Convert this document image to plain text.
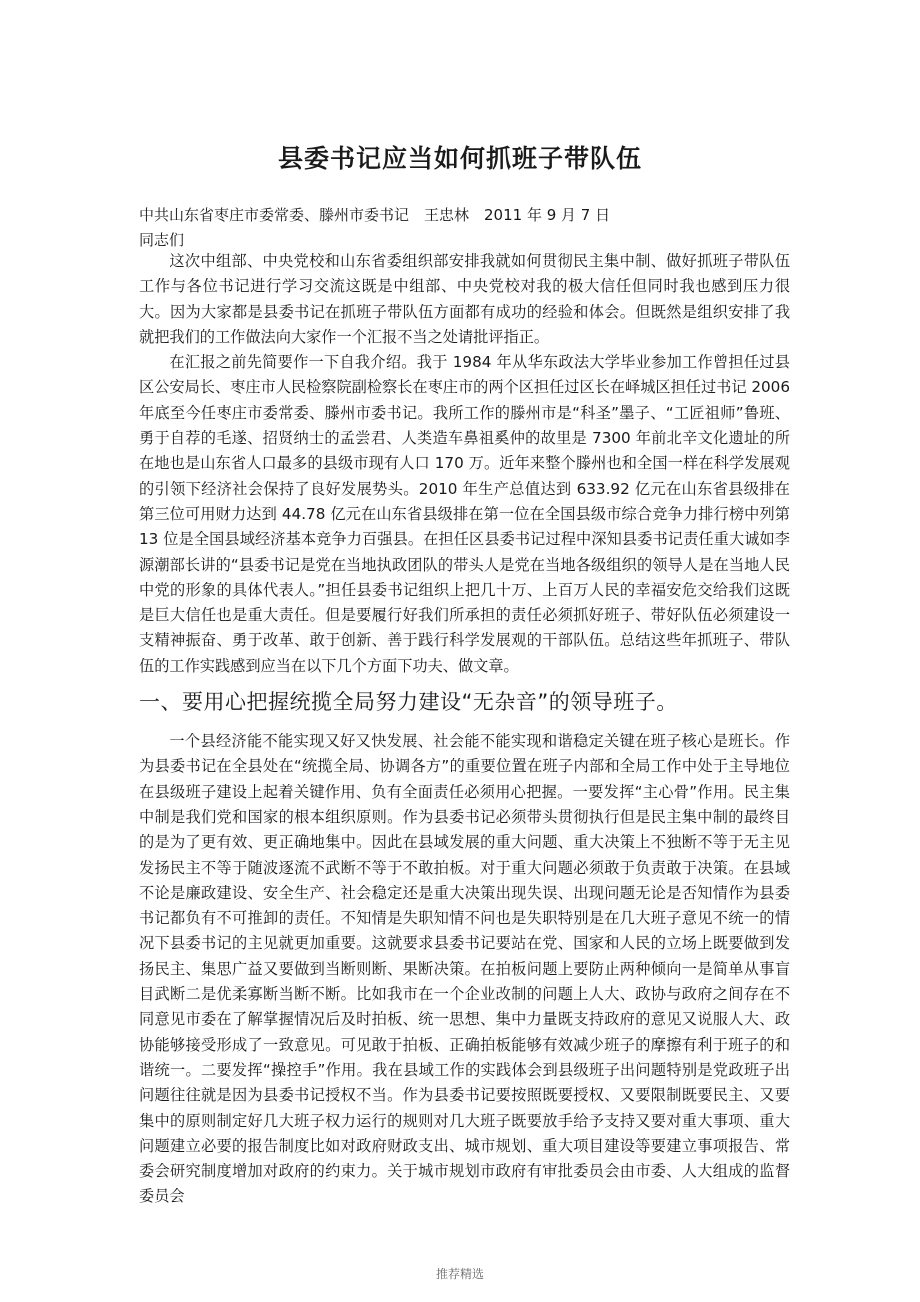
县委书记应当如何抓班子带队伍
中共山东省枣庄市委常委、滕州市委书记　王忠林　2011 年 9 月 7 日
同志们

这次中组部、中央党校和山东省委组织部安排我就如何贯彻民主集中制、做好抓班子带队伍工作与各位书记进行学习交流这既是中组部、中央党校对我的极大信任但同时我也感到压力很大。因为大家都是县委书记在抓班子带队伍方面都有成功的经验和体会。但既然是组织安排了我就把我们的工作做法向大家作一个汇报不当之处请批评指正。

在汇报之前先简要作一下自我介绍。我于 1984 年从华东政法大学毕业参加工作曾担任过县区公安局长、枣庄市人民检察院副检察长在枣庄市的两个区担任过区长在峄城区担任过书记 2006 年底至今任枣庄市委常委、滕州市委书记。我所工作的滕州市是“科圣”墨子、“工匠祖师”鲁班、勇于自荐的毛遂、招贤纳士的孟尝君、人类造车鼻祖奚仲的故里是 7300 年前北辛文化遗址的所在地也是山东省人口最多的县级市现有人口 170 万。近年来整个滕州也和全国一样在科学发展观的引领下经济社会保持了良好发展势头。2010 年生产总值达到 633.92 亿元在山东省县级排在第三位可用财力达到 44.78 亿元在山东省县级排在第一位在全国县级市综合竞争力排行榜中列第 13 位是全国县域经济基本竞争力百强县。在担任区县委书记过程中深知县委书记责任重大诚如李源潮部长讲的“县委书记是党在当地执政团队的带头人是党在当地各级组织的领导人是在当地人民中党的形象的具体代表人。”担任县委书记组织上把几十万、上百万人民的幸福安危交给我们这既是巨大信任也是重大责任。但是要履行好我们所承担的责任必须抓好班子、带好队伍必须建设一支精神振奋、勇于改革、敢于创新、善于践行科学发展观的干部队伍。总结这些年抓班子、带队伍的工作实践感到应当在以下几个方面下功夫、做文章。

一、要用心把握统揽全局努力建设“无杂音”的领导班子。

一个县经济能不能实现又好又快发展、社会能不能实现和谐稳定关键在班子核心是班长。作为县委书记在全县处在“统揽全局、协调各方”的重要位置在班子内部和全局工作中处于主导地位在县级班子建设上起着关键作用、负有全面责任必须用心把握。一要发挥“主心骨”作用。民主集中制是我们党和国家的根本组织原则。作为县委书记必须带头贯彻执行但是民主集中制的最终目的是为了更有效、更正确地集中。因此在县域发展的重大问题、重大决策上不独断不等于无主见发扬民主不等于随波逐流不武断不等于不敢拍板。对于重大问题必须敢于负责敢于决策。在县域不论是廉政建设、安全生产、社会稳定还是重大决策出现失误、出现问题无论是否知情作为县委书记都负有不可推卸的责任。不知情是失职知情不问也是失职特别是在几大班子意见不统一的情况下县委书记的主见就更加重要。这就要求县委书记要站在党、国家和人民的立场上既要做到发扬民主、集思广益又要做到当断则断、果断决策。在拍板问题上要防止两种倾向一是简单从事盲目武断二是优柔寡断当断不断。比如我市在一个企业改制的问题上人大、政协与政府之间存在不同意见市委在了解掌握情况后及时拍板、统一思想、集中力量既支持政府的意见又说服人大、政协能够接受形成了一致意见。可见敢于拍板、正确拍板能够有效减少班子的摩擦有利于班子的和谐统一。二要发挥“操控手”作用。我在县域工作的实践体会到县级班子出问题特别是党政班子出问题往往就是因为县委书记授权不当。作为县委书记要按照既要授权、又要限制既要民主、又要集中的原则制定好几大班子权力运行的规则对几大班子既要放手给予支持又要对重大事项、重大问题建立必要的报告制度比如对政府财政支出、城市规划、重大项目建设等要建立事项报告、常委会研究制度增加对政府的约束力。关于城市规划市政府有审批委员会由市委、人大组成的监督委员会

推荐精选
